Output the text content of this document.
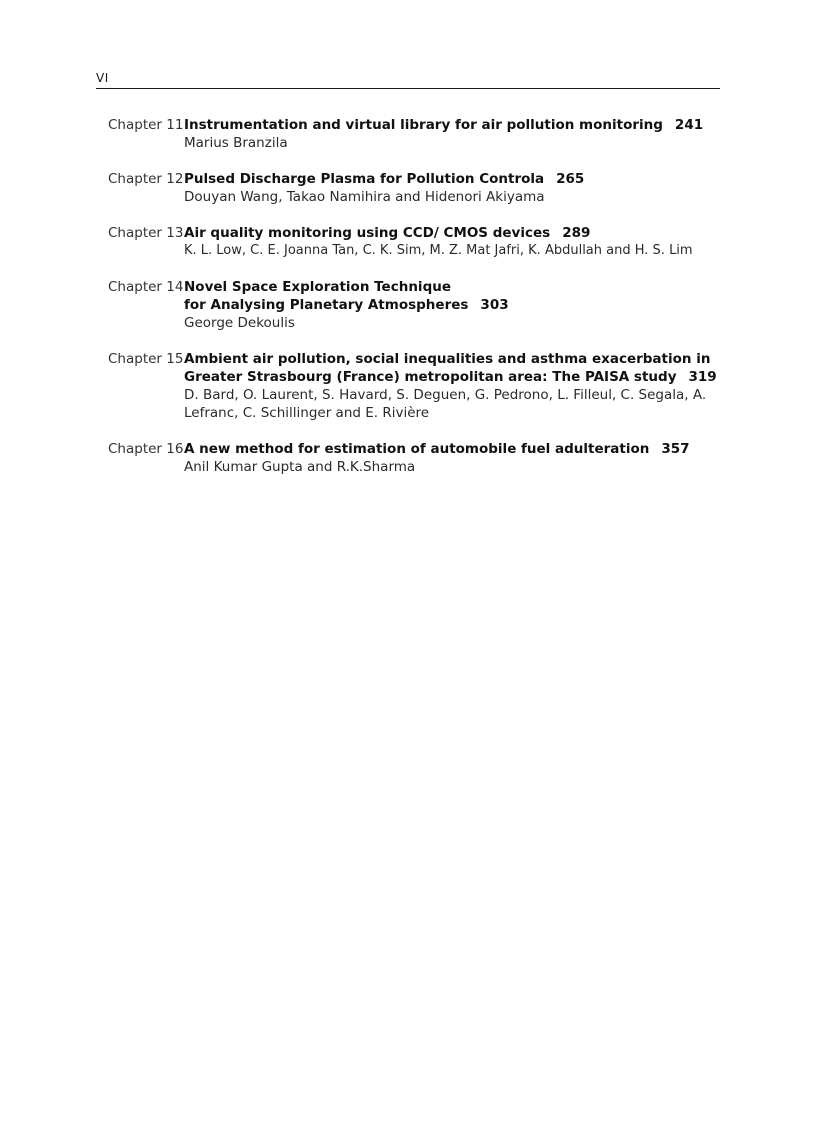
VI
Chapter 11 Instrumentation and virtual library for air pollution monitoring 241
Marius Branzila
Chapter 12 Pulsed Discharge Plasma for Pollution Controla 265
Douyan Wang, Takao Namihira and Hidenori Akiyama
Chapter 13 Air quality monitoring using CCD/ CMOS devices 289
K. L. Low, C. E. Joanna Tan, C. K. Sim, M. Z. Mat Jafri, K. Abdullah and H. S. Lim
Chapter 14 Novel Space Exploration Technique
for Analysing Planetary Atmospheres 303
George Dekoulis
Chapter 15 Ambient air pollution, social inequalities and asthma exacerbation in
Greater Strasbourg (France) metropolitan area: The PAISA study 319
D. Bard, O. Laurent, S. Havard, S. Deguen, G. Pedrono, L. Filleul, C. Segala, A.
Lefranc, C. Schillinger and E. Rivière
Chapter 16 A new method for estimation of automobile fuel adulteration 357
Anil Kumar Gupta and R.K.Sharma
